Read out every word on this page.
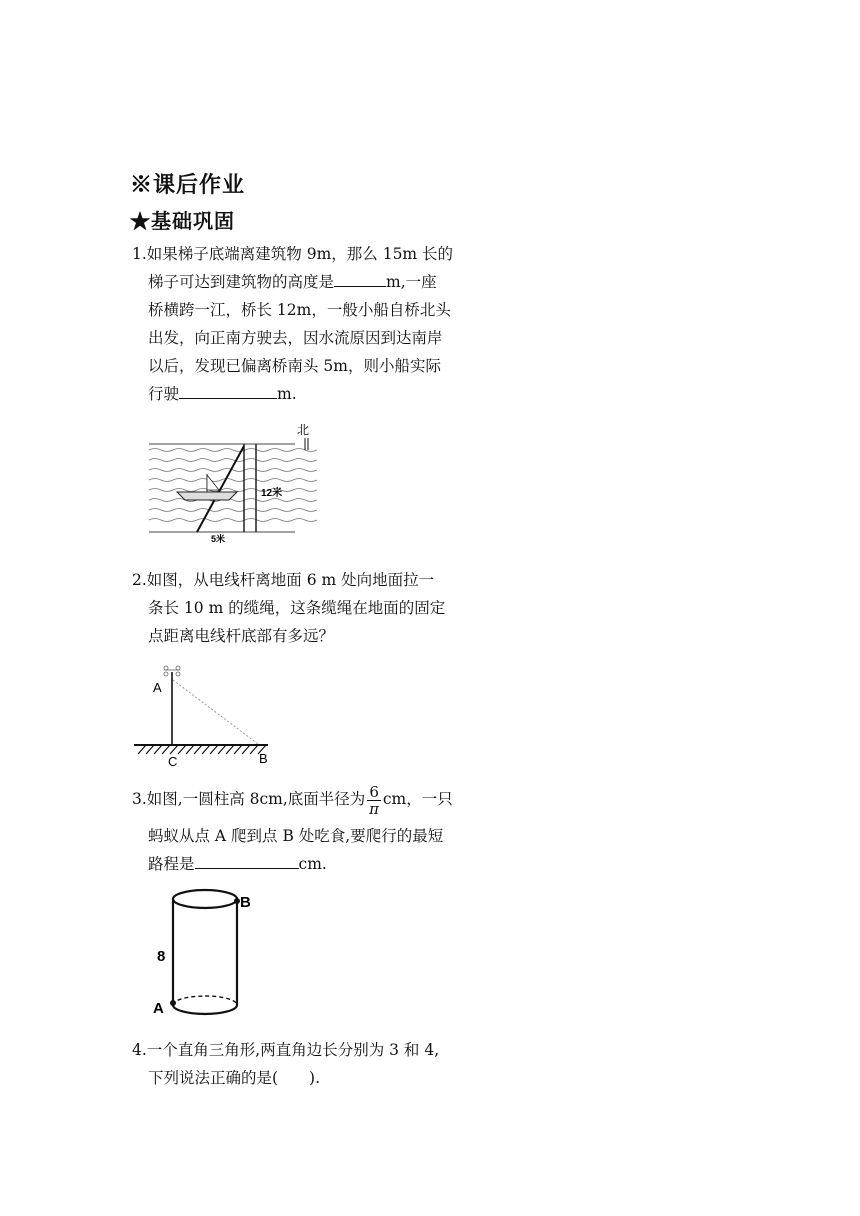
※课后作业
★基础巩固
1.如果梯子底端离建筑物 9m，那么 15m 长的
梯子可达到建筑物的高度是	m,一座
桥横跨一江，桥长 12m，一般小船自桥北头
出发，向正南方驶去，因水流原因到达南岸
以后，发现已偏离桥南头 5m，则小船实际
行驶	m.
北
12米
5米
2.如图，从电线杆离地面 6 m 处向地面拉一
条长 10 m 的缆绳，这条缆绳在地面的固定
点距离电线杆底部有多远？
A
C	B
3.如图,一圆柱高 8cm,底面半径为 $\frac{6}{\pi}$ cm，一只
蚂蚁从点 A 爬到点 B 处吃食,要爬行的最短
路程是	cm.
B
A
8
4.一个直角三角形,两直角边长分别为 3 和 4,
下列说法正确的是(　　).
